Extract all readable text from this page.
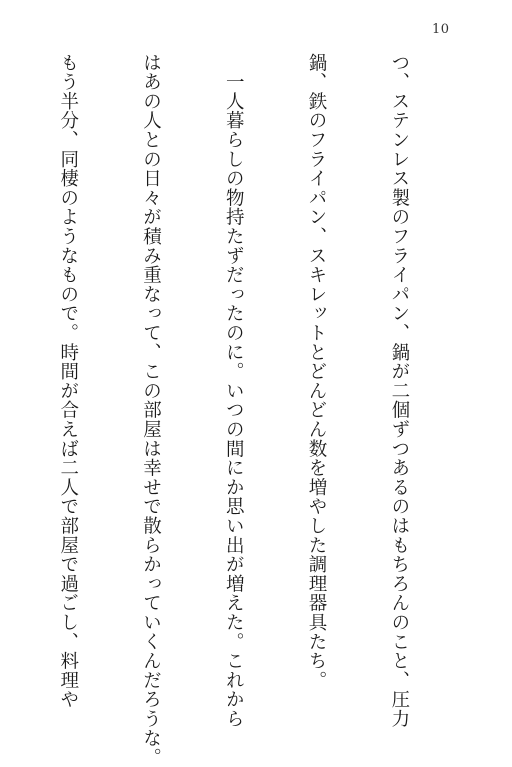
10

つ、ステンレス製のフライパン、鍋が二個ずつあるのはもちろんのこと、圧力

鍋、鉄のフライパン、スキレットとどんどん数を増やした調理器具たち。

　一人暮らしの物持たずだったのに。いつの間にか思い出が増えた。これから

はあの人との日々が積み重なって、この部屋は幸せで散らかっていくんだろうな。

もう半分、同棲のようなもので。時間が合えば二人で部屋で過ごし、料理や
